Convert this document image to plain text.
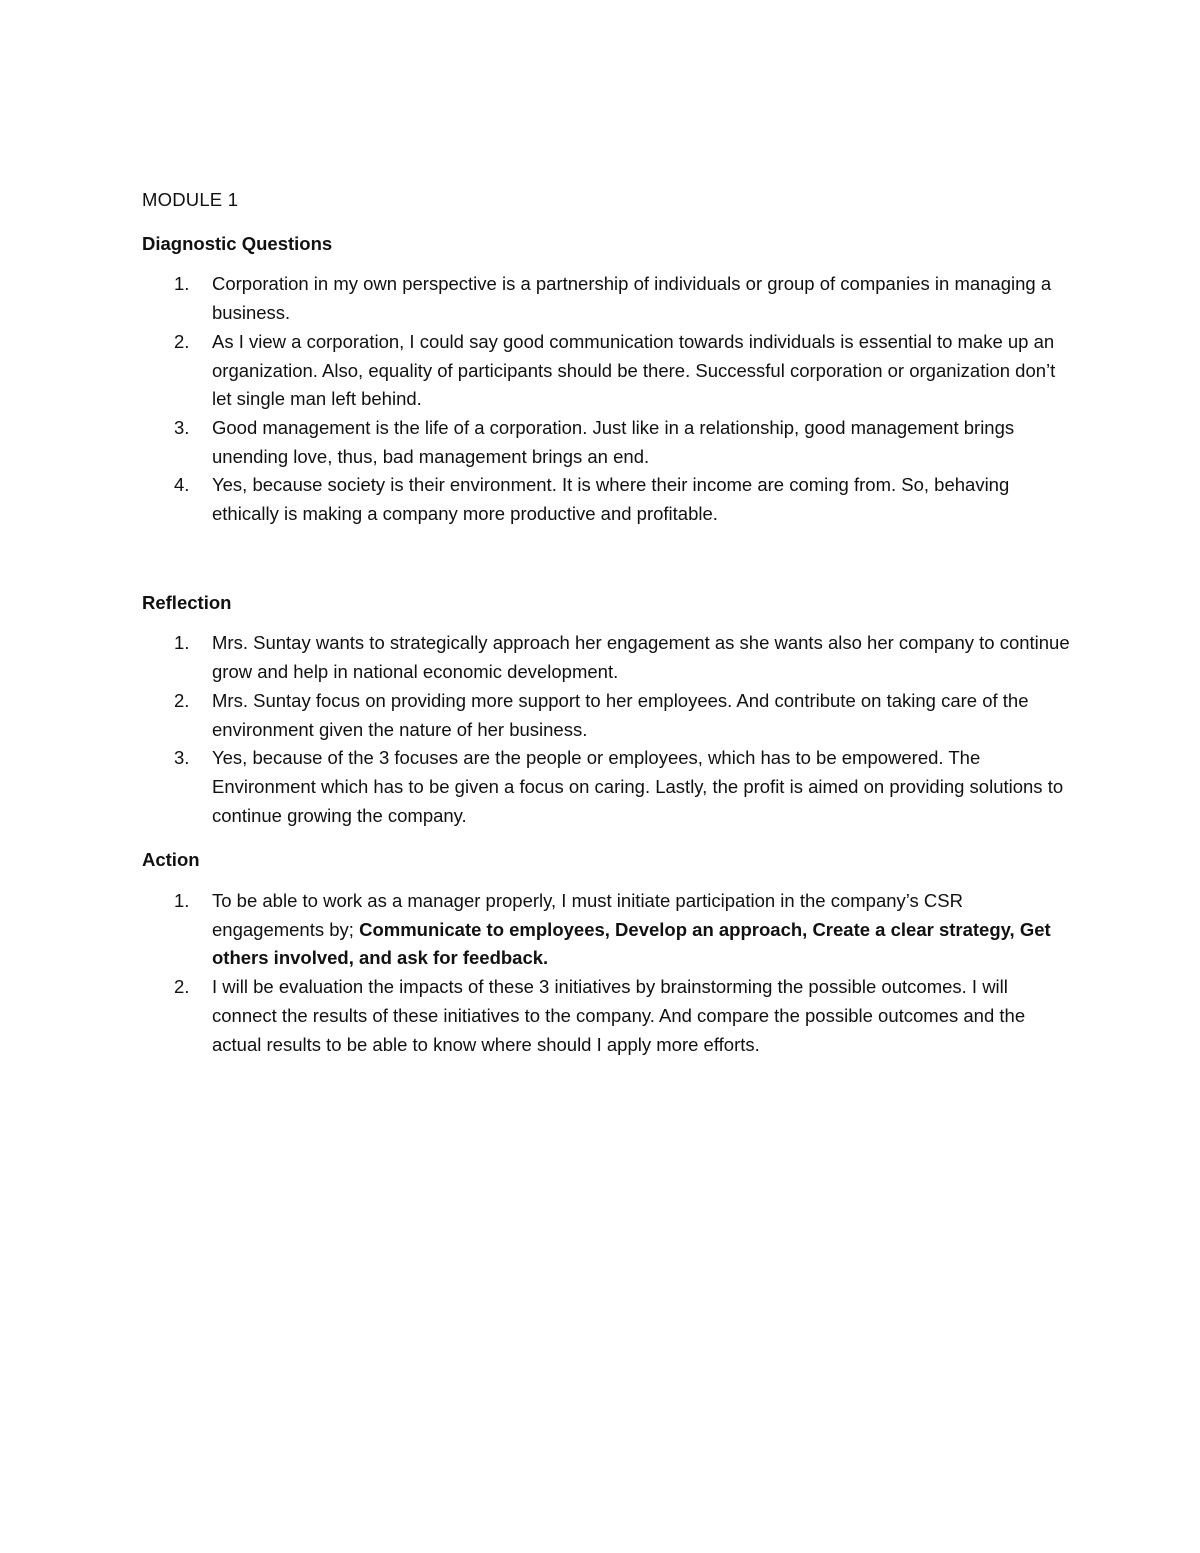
MODULE 1
Diagnostic Questions
1.	Corporation in my own perspective is a partnership of individuals or group of companies in managing a business.
2.	As I view a corporation, I could say good communication towards individuals is essential to make up an organization. Also, equality of participants should be there. Successful corporation or organization don’t let single man left behind.
3.	Good management is the life of a corporation. Just like in a relationship, good management brings unending love, thus, bad management brings an end.
4.	Yes, because society is their environment. It is where their income are coming from. So, behaving ethically is making a company more productive and profitable.
Reflection
1.	Mrs. Suntay wants to strategically approach her engagement as she wants also her company to continue grow and help in national economic development.
2.	Mrs. Suntay focus on providing more support to her employees. And contribute on taking care of the environment given the nature of her business.
3.	Yes, because of the 3 focuses are the people or employees, which has to be empowered. The Environment which has to be given a focus on caring. Lastly, the profit is aimed on providing solutions to continue growing the company.
Action
1.	To be able to work as a manager properly, I must initiate participation in the company’s CSR engagements by; Communicate to employees, Develop an approach, Create a clear strategy, Get others involved, and ask for feedback.
2.	I will be evaluation the impacts of these 3 initiatives by brainstorming the possible outcomes. I will connect the results of these initiatives to the company. And compare the possible outcomes and the actual results to be able to know where should I apply more efforts.
